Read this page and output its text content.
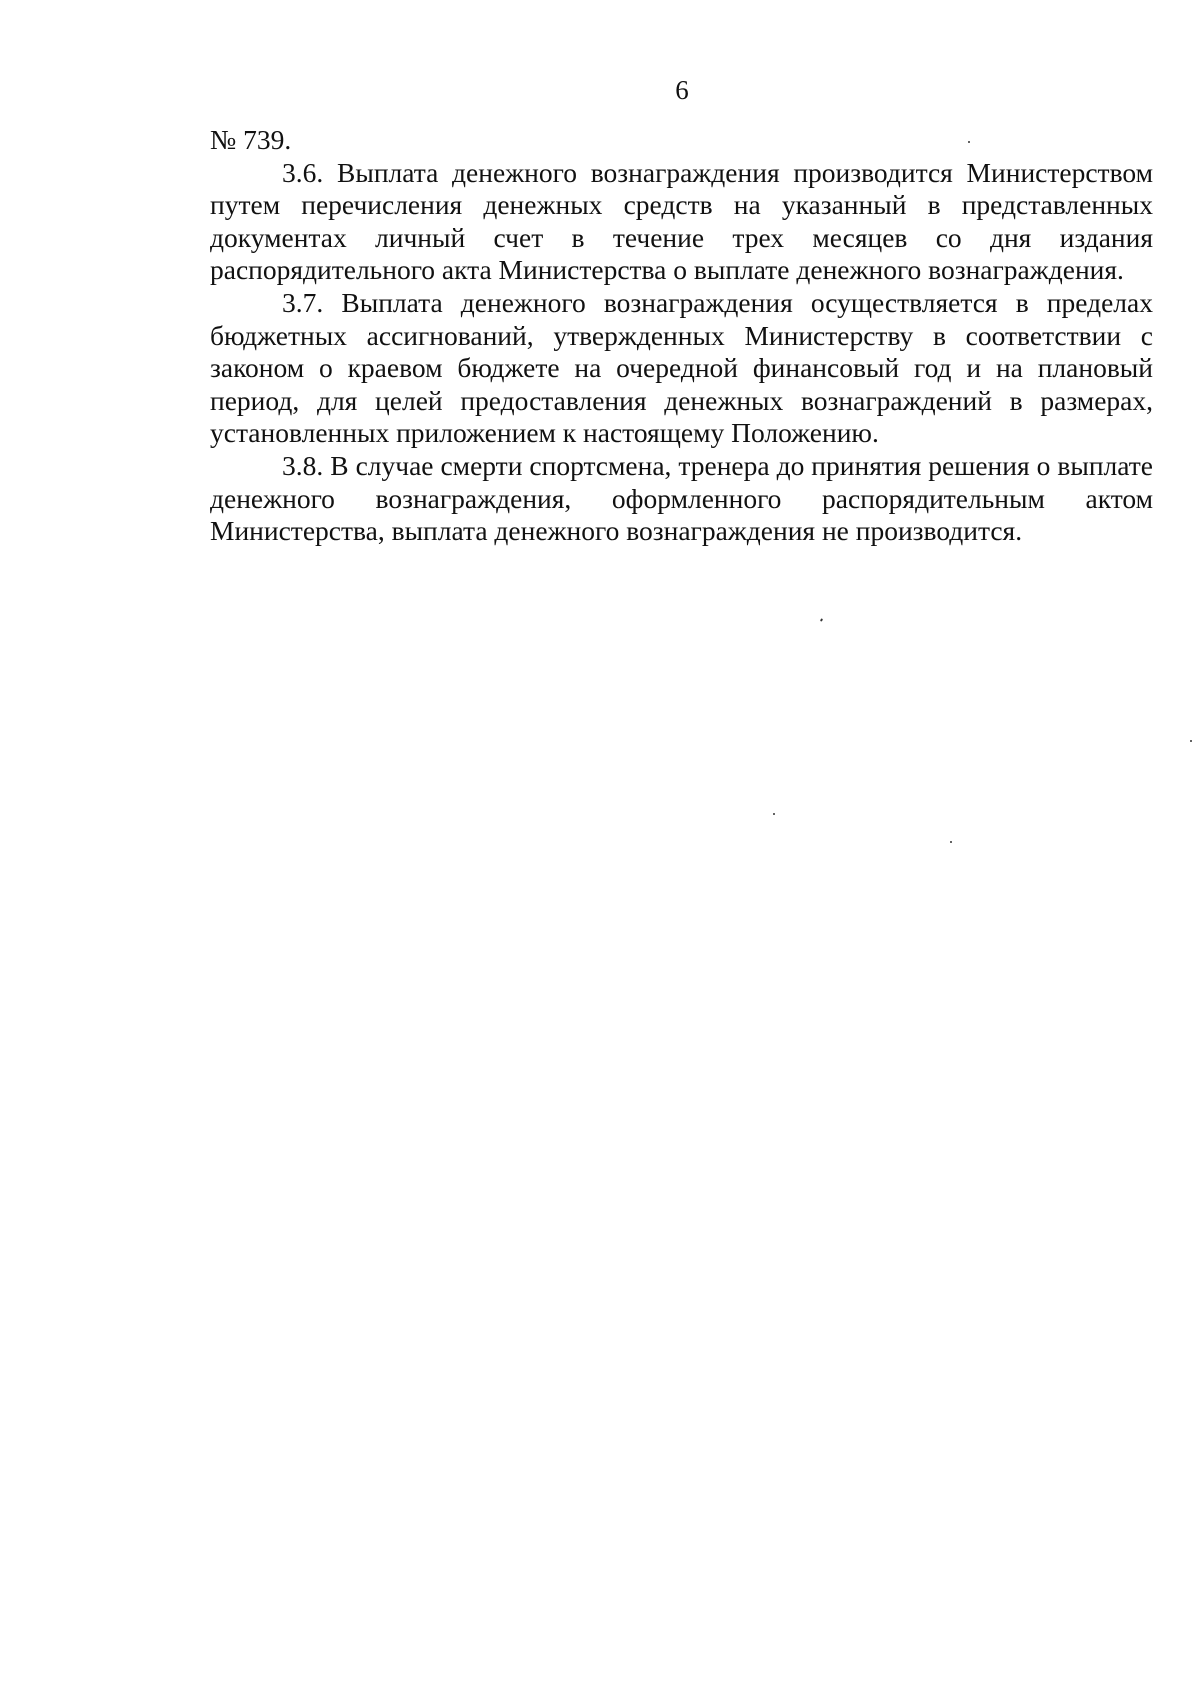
6

№ 739.

3.6. Выплата денежного вознаграждения производится Министерством путем перечисления денежных средств на указанный в представленных документах личный счет в течение трех месяцев со дня издания распорядительного акта Министерства о выплате денежного вознаграждения.

3.7. Выплата денежного вознаграждения осуществляется в пределах бюджетных ассигнований, утвержденных Министерству в соответствии с законом о краевом бюджете на очередной финансовый год и на плановый период, для целей предоставления денежных вознаграждений в размерах, установленных приложением к настоящему Положению.

3.8. В случае смерти спортсмена, тренера до принятия решения о выплате денежного вознаграждения, оформленного распорядительным актом Министерства, выплата денежного вознаграждения не производится.
